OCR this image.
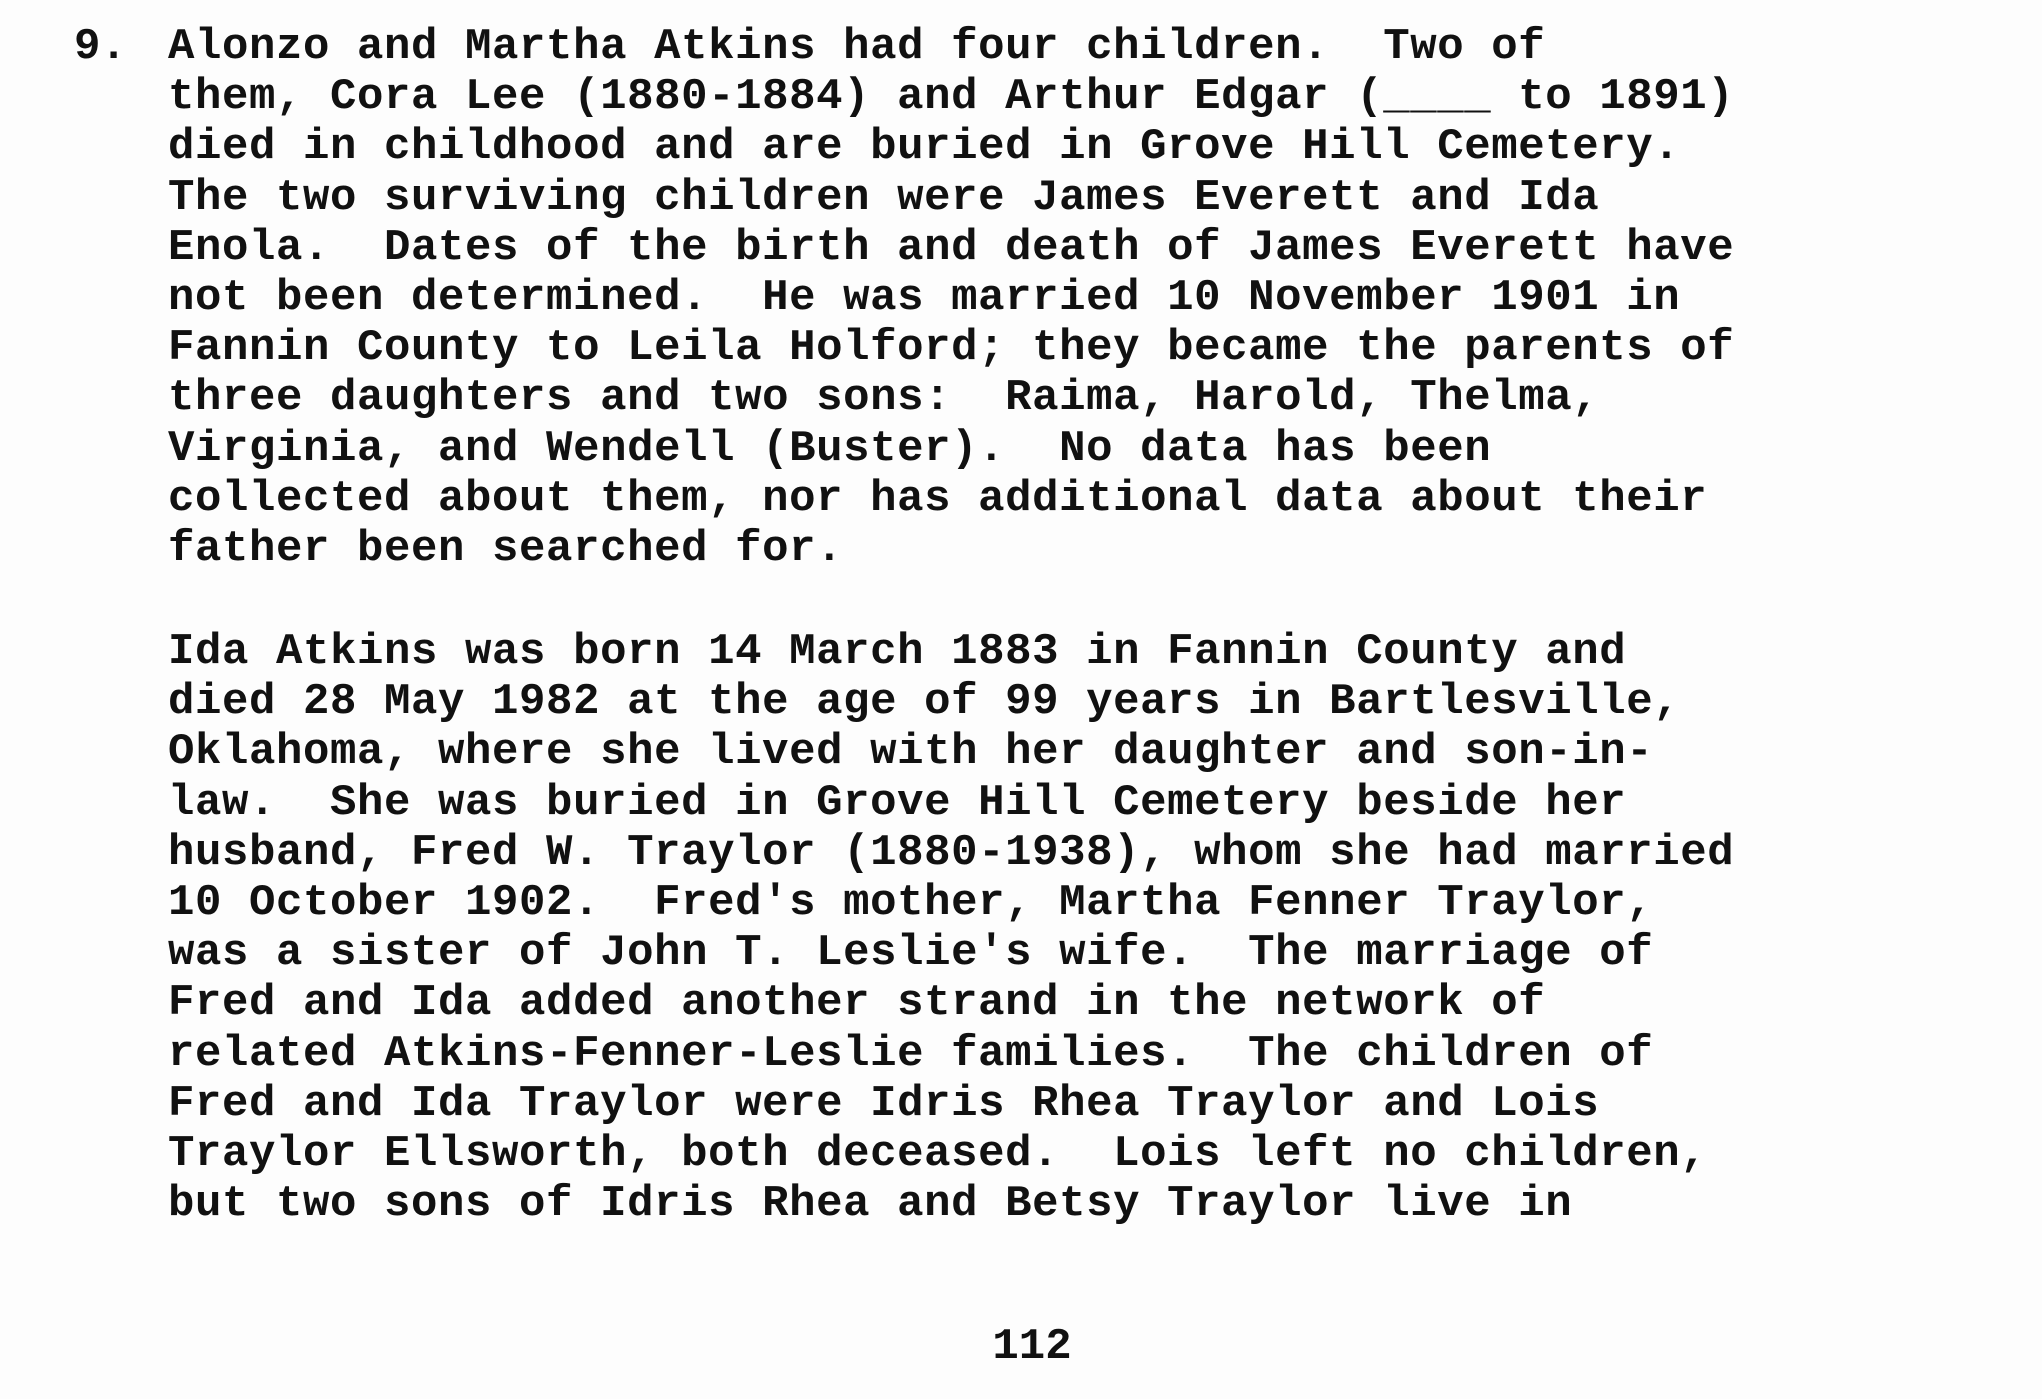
9. Alonzo and Martha Atkins had four children.  Two of
them, Cora Lee (1880-1884) and Arthur Edgar (____ to 1891)
died in childhood and are buried in Grove Hill Cemetery.
The two surviving children were James Everett and Ida
Enola.  Dates of the birth and death of James Everett have
not been determined.  He was married 10 November 1901 in
Fannin County to Leila Holford; they became the parents of
three daughters and two sons:  Raima, Harold, Thelma,
Virginia, and Wendell (Buster).  No data has been
collected about them, nor has additional data about their
father been searched for.
Ida Atkins was born 14 March 1883 in Fannin County and
died 28 May 1982 at the age of 99 years in Bartlesville,
Oklahoma, where she lived with her daughter and son-in-
law.  She was buried in Grove Hill Cemetery beside her
husband, Fred W. Traylor (1880-1938), whom she had married
10 October 1902.  Fred's mother, Martha Fenner Traylor,
was a sister of John T. Leslie's wife.  The marriage of
Fred and Ida added another strand in the network of
related Atkins-Fenner-Leslie families.  The children of
Fred and Ida Traylor were Idris Rhea Traylor and Lois
Traylor Ellsworth, both deceased.  Lois left no children,
but two sons of Idris Rhea and Betsy Traylor live in
112
